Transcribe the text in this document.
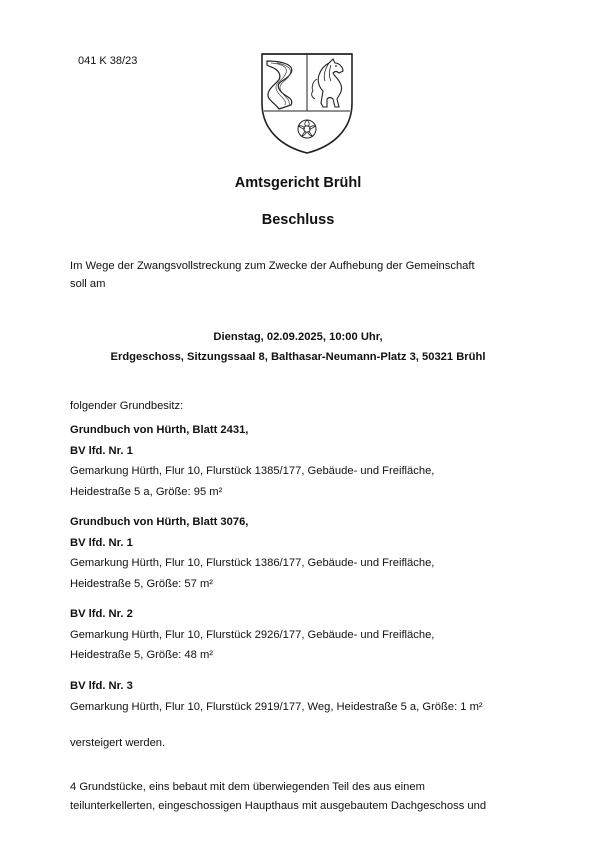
041 K 38/23

Amtsgericht Brühl
Beschluss

Im Wege der Zwangsvollstreckung zum Zwecke der Aufhebung der Gemeinschaft
soll am

Dienstag, 02.09.2025, 10:00 Uhr,
Erdgeschoss, Sitzungssaal 8, Balthasar-Neumann-Platz 3, 50321 Brühl

folgender Grundbesitz:

Grundbuch von Hürth, Blatt 2431,
BV lfd. Nr. 1
Gemarkung Hürth, Flur 10, Flurstück 1385/177, Gebäude- und Freifläche,
Heidestraße 5 a, Größe: 95 m²
Grundbuch von Hürth, Blatt 3076,
BV lfd. Nr. 1
Gemarkung Hürth, Flur 10, Flurstück 1386/177, Gebäude- und Freifläche,
Heidestraße 5, Größe: 57 m²
BV lfd. Nr. 2
Gemarkung Hürth, Flur 10, Flurstück 2926/177, Gebäude- und Freifläche,
Heidestraße 5, Größe: 48 m²
BV lfd. Nr. 3
Gemarkung Hürth, Flur 10, Flurstück 2919/177, Weg, Heidestraße 5 a, Größe: 1 m²

versteigert werden.

4 Grundstücke, eins bebaut mit dem überwiegenden Teil des aus einem
teilunterkellerten, eingeschossigen Haupthaus mit ausgebautem Dachgeschoss und
